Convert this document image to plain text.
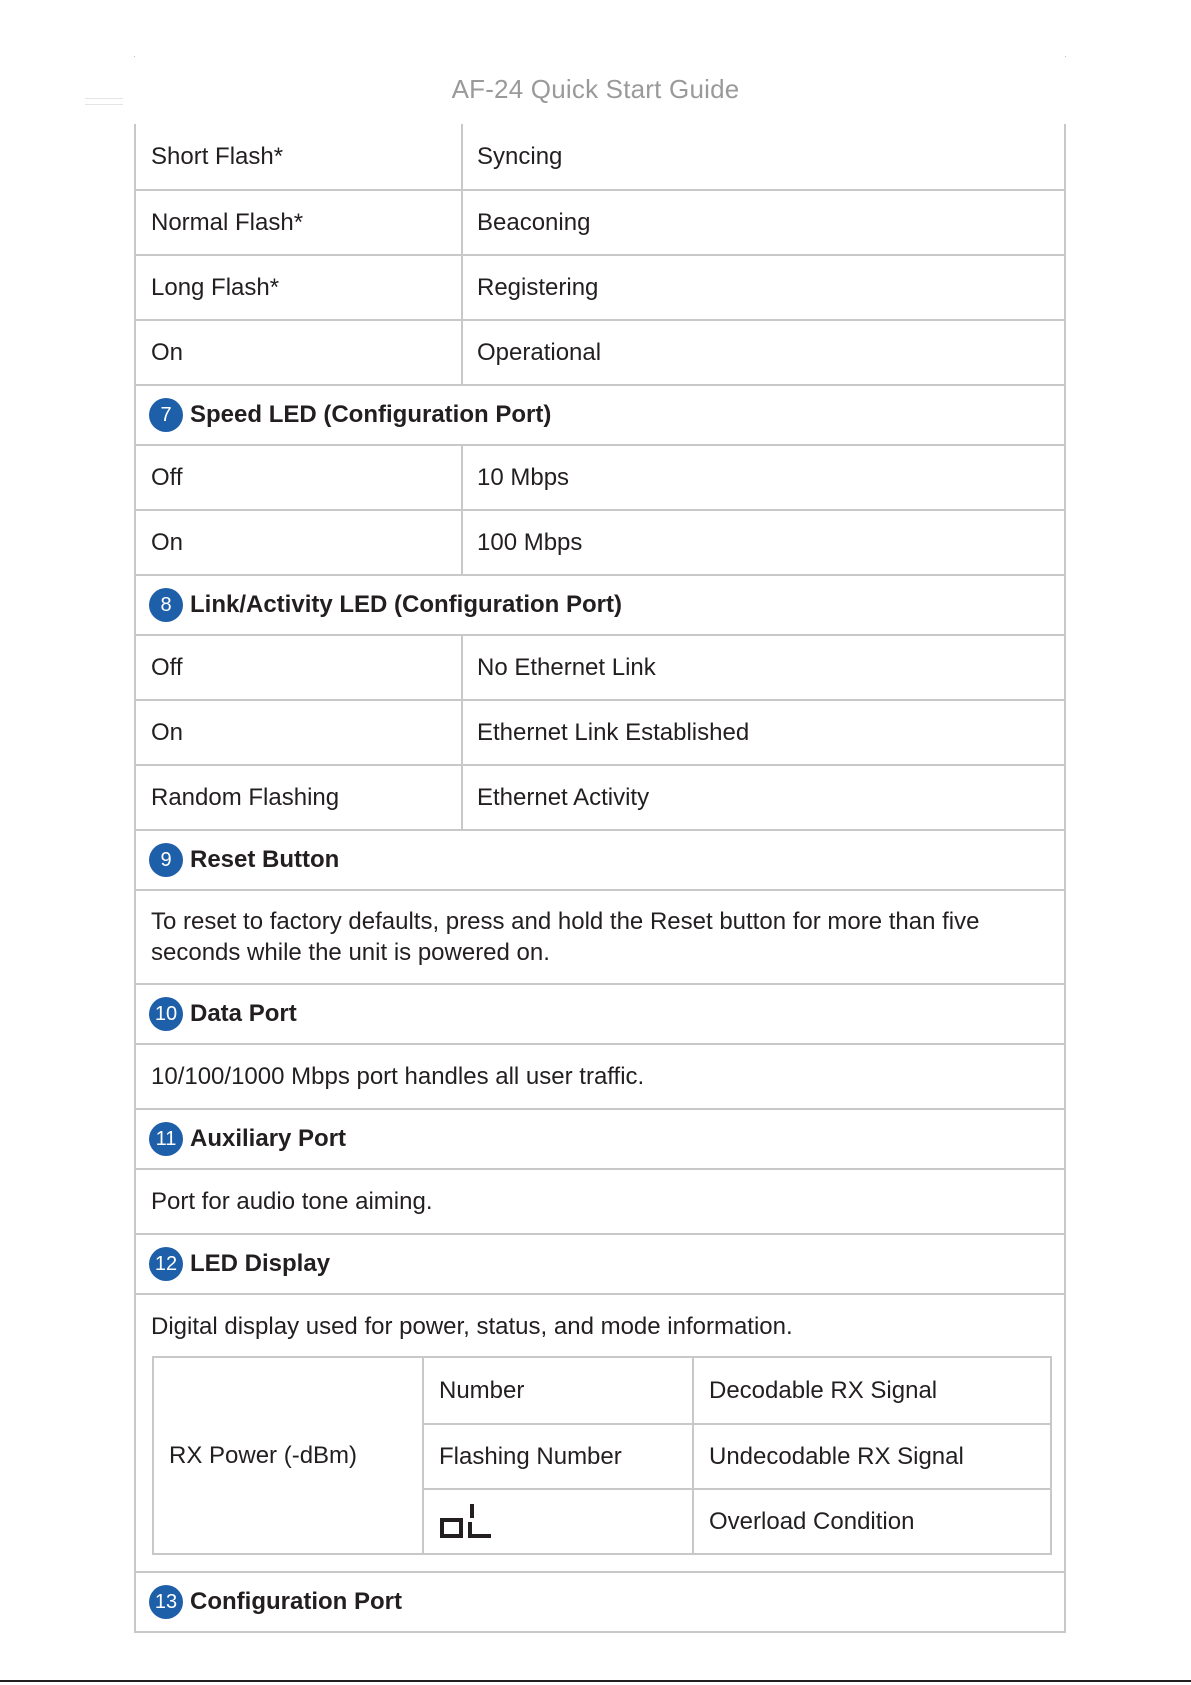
AF-24 Quick Start Guide
Short Flash*	Syncing
Normal Flash*	Beaconing
Long Flash*	Registering
On	Operational
7 Speed LED (Configuration Port)
Off	10 Mbps
On	100 Mbps
8 Link/Activity LED (Configuration Port)
Off	No Ethernet Link
On	Ethernet Link Established
Random Flashing	Ethernet Activity
9 Reset Button
To reset to factory defaults, press and hold the Reset button for more than five seconds while the unit is powered on.
10 Data Port
10/100/1000 Mbps port handles all user traffic.
11 Auxiliary Port
Port for audio tone aiming.
12 LED Display
Digital display used for power, status, and mode information.
RX Power (-dBm)
Number	Decodable RX Signal
Flashing Number	Undecodable RX Signal
Overload Condition
13 Configuration Port
